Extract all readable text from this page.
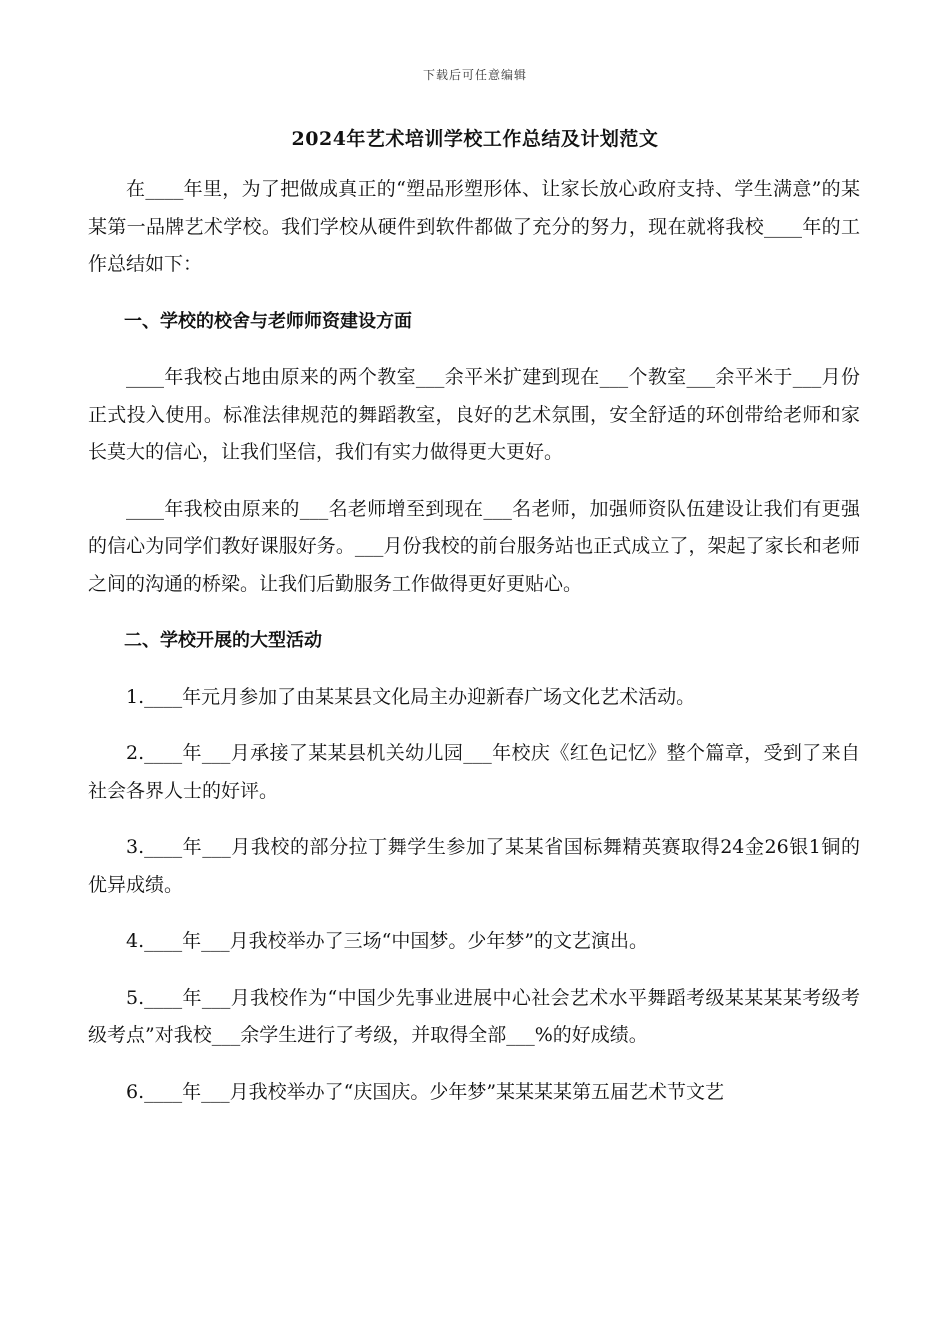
下载后可任意编辑
2024年艺术培训学校工作总结及计划范文

在____年里，为了把做成真正的“塑品形塑形体、让家长放心政府支持、学生满意”的某某第一品牌艺术学校。我们学校从硬件到软件都做了充分的努力，现在就将我校____年的工作总结如下：

一、学校的校舍与老师师资建设方面

____年我校占地由原来的两个教室___余平米扩建到现在___个教室___余平米于___月份正式投入使用。标准法律规范的舞蹈教室，良好的艺术氛围，安全舒适的环创带给老师和家长莫大的信心，让我们坚信，我们有实力做得更大更好。

____年我校由原来的___名老师增至到现在___名老师，加强师资队伍建设让我们有更强的信心为同学们教好课服好务。___月份我校的前台服务站也正式成立了，架起了家长和老师之间的沟通的桥梁。让我们后勤服务工作做得更好更贴心。

二、学校开展的大型活动

1.____年元月参加了由某某县文化局主办迎新春广场文化艺术活动。

2.____年___月承接了某某县机关幼儿园___年校庆《红色记忆》整个篇章，受到了来自社会各界人士的好评。

3.____年___月我校的部分拉丁舞学生参加了某某省国标舞精英赛取得24金26银1铜的优异成绩。

4.____年___月我校举办了三场“中国梦。少年梦”的文艺演出。

5.____年___月我校作为“中国少先事业进展中心社会艺术水平舞蹈考级某某某某考级考级考点”对我校___余学生进行了考级，并取得全部___%的好成绩。

6.____年___月我校举办了“庆国庆。少年梦”某某某某第五届艺术节文艺
